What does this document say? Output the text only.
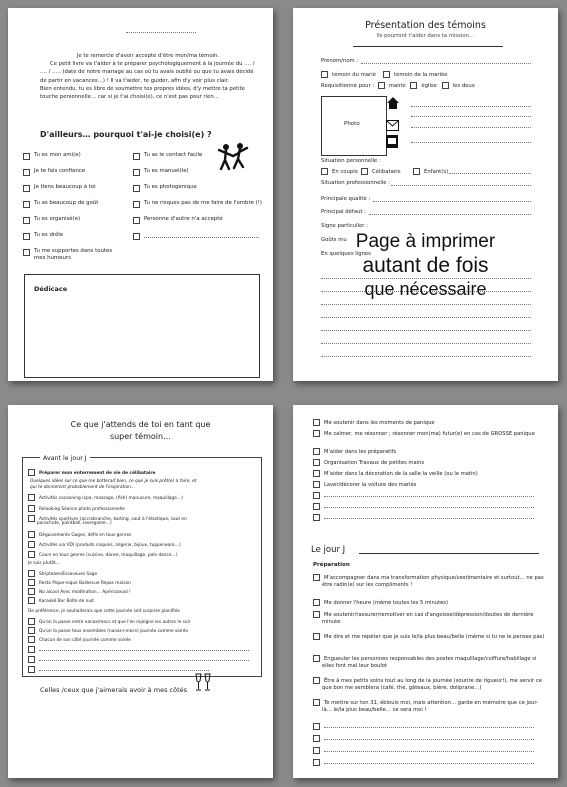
Je te remercie d'avoir accepté d'être mon/ma témoin.

Ce petit livre va t'aider à te préparer psychologiquement à la journée du …. / …. / ….. (date de notre mariage au cas où tu avais oublié ou que tu avais décidé de partir en vacances…) ! Il va t'aider, te guider, afin d'y voir plus clair.

Bien entendu, tu es libre de soumettre tes propres idées, d'y mettre ta petite touche personnelle… car si je t'ai choisi(e), ce n'est pas pour rien…

D'ailleurs… pourquoi t'ai-je choisi(e) ?
Tu es mon ami(e)
Je te fais confiance
Je tiens beaucoup à toi
Tu as beaucoup de goût
Tu es organisé(e)
Tu es drôle
Tu me supportes dans toutes mes humeurs
Tu as le contact facile
Tu es manuel(le)
Tu es photogénique
Tu ne risques pas de me faire de l'ombre (!)
Personne d'autre n'a accepté
Dédicace
Présentation des témoins
Ils pourront t'aider dans ta mission…
Prénom/nom :
témoin du marié	témoin de la mariée
Réquisitionné pour :	mairie	église	les deux
Photo
Situation personnelle :
En couple	Célibataire	Enfant(s)
Situation professionnelle :
Principale qualité :
Principal défaut :
Signe particulier :
Goûts mu
En quelques lignes
Page à imprimer
autant de fois
que nécessaire
Ce que j'attends de toi en tant que
super témoin…
Avant le jour J
Préparer mon enterrement de vie de célibataire
Quelques idées sur ce que me botterait bien, ce que je suis prêt(e) à faire, et
qui te donneront probablement de l'inspiration…
Activités cocooning (spa, massage, (fish) manucure, maquillage…)
Relooking Séance photo professionnelle
Activités sportives (accrobranche, karting, saut à l'élastique, saut en
parachute, paintball, lasergame…)
Déguisements Gages, défis en tous genres
Activités via VDI (produits coquins, lingerie, bijoux, tupperware…)
Cours en tous genres (cuisine, danse, maquillage, pole dance…)
Je suis plutôt…
Striptease/Essaveuse Sage
Resto Pique-nique Barbecue Repas maison
No alcool Avec modération… Apéricooool !
Karaoké Bar Boîte de nuit
De préférence, je souhaiterais que cette journée soit surprise planifiée
Qu'on la passe entre nanas/mecs et que l'on rejoigne les autres le soir
Qu'on la passe tous ensembles (nanas+mecs) journée comme soirée
Chacun de son côté journée comme soirée
Celles /ceux que j'aimerais avoir à mes côtés
Me soutenir dans les moments de panique
Me calmer, me résonner ; résonner mon(ma) futur(e) en cas de GROSSE panique
M'aider dans les préparatifs
Organisation Travaux de petites mains
M'aider dans la décoration de la salle la veille (ou le matin)
Laver/décorer la voiture des mariés
Le jour J
Préparation
M'accompagner dans ma transformation physique/vestimentaire et surtout… ne pas être radin(e) sur les compliments !
Me donner l'heure (même toutes les 5 minutes)
Me soutenir/rassurer/remotiver en cas d'angoisse/dépression/doutes de dernière minute
Me dire et me répéter que je suis le/la plus beau/belle (même si tu ne le penses pas)
Engueuler les personnes responsables des postes maquillage/coiffure/habillage si elles font mal leur boulot
Être à mes petits soins tout au long de la journée (sourire de rigueur!), me servir ce que bon me semblera (café, thé, gâteaux, bière, doliprane…)
Te mettre sur ton 31, éblouis moi, mais attention… garde en mémoire que ce jour-là… le/la plus beau/belle… ce sera moi !
